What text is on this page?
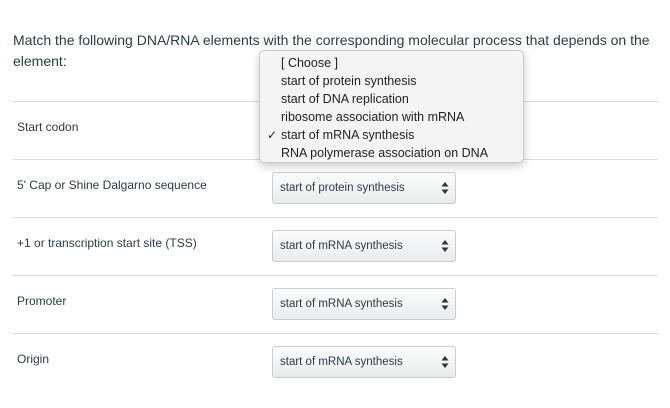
Match the following DNA/RNA elements with the corresponding molecular process that depends on the element:
Start codon
5' Cap or Shine Dalgarno sequence	start of protein synthesis
+1 or transcription start site (TSS)	start of mRNA synthesis
Promoter	start of mRNA synthesis
Origin	start of mRNA synthesis
[ Choose ]
start of protein synthesis
start of DNA replication
ribosome association with mRNA
✓ start of mRNA synthesis
RNA polymerase association on DNA
